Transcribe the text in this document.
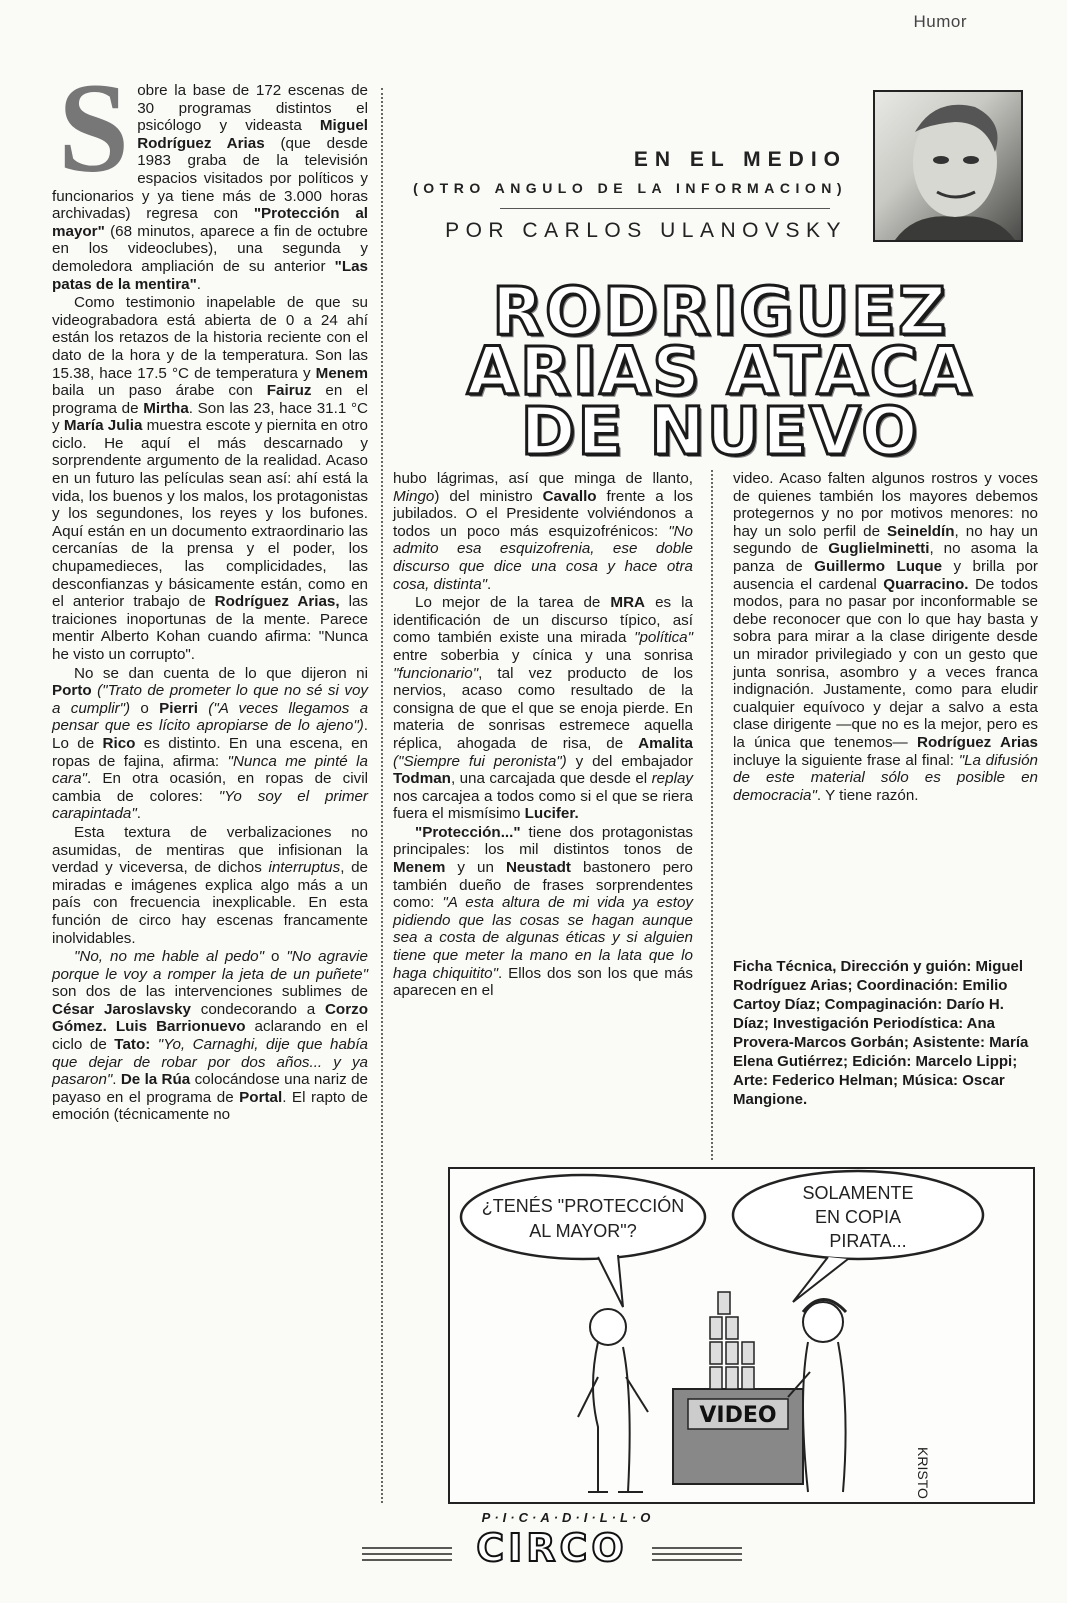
Humor
EN EL MEDIO
(OTRO ANGULO DE LA INFORMACION)
POR CARLOS ULANOVSKY
RODRIGUEZ
ARIAS ATACA
DE NUEVO
S obre la base de 172 escenas de 30 programas distintos el psicólogo y videasta Miguel Rodríguez Arias (que desde 1983 graba de la televisión espacios visitados por políticos y funcionarios y ya tiene más de 3.000 horas archivadas) regresa con "Protección al mayor" (68 minutos, aparece a fin de octubre en los videoclubes), una segunda y demoledora ampliación de su anterior "Las patas de la mentira".

Como testimonio inapelable de que su videograbadora está abierta de 0 a 24 ahí están los retazos de la historia reciente con el dato de la hora y de la temperatura. Son las 15.38, hace 17.5 °C de temperatura y Menem baila un paso árabe con Fairuz en el programa de Mirtha. Son las 23, hace 31.1 °C y María Julia muestra escote y piernita en otro ciclo. He aquí el más descarnado y sorprendente argumento de la realidad. Acaso en un futuro las películas sean así: ahí está la vida, los buenos y los malos, los protagonistas y los segundones, los reyes y los bufones. Aquí están en un documento extraordinario las cercanías de la prensa y el poder, los chupamedieces, las complicidades, las desconfianzas y básicamente están, como en el anterior trabajo de Rodríguez Arias, las traiciones inoportunas de la mente. Parece mentir Alberto Kohan cuando afirma: "Nunca he visto un corrupto".

No se dan cuenta de lo que dijeron ni Porto ("Trato de prometer lo que no sé si voy a cumplir") o Pierri ("A veces llegamos a pensar que es lícito apropiarse de lo ajeno"). Lo de Rico es distinto. En una escena, en ropas de fajina, afirma: "Nunca me pinté la cara". En otra ocasión, en ropas de civil cambia de colores: "Yo soy el primer carapintada".

Esta textura de verbalizaciones no asumidas, de mentiras que infisionan la verdad y viceversa, de dichos interruptus, de miradas e imágenes explica algo más a un país con frecuencia inexplicable. En esta función de circo hay escenas francamente inolvidables.

"No, no me hable al pedo" o "No agravie porque le voy a romper la jeta de un puñete" son dos de las intervenciones sublimes de César Jaroslavsky condecorando a Corzo Gómez. Luis Barrionuevo aclarando en el ciclo de Tato: "Yo, Carnaghi, dije que había que dejar de robar por dos años... y ya pasaron". De la Rúa colocándose una nariz de payaso en el programa de Portal. El rapto de emoción (técnicamente no

hubo lágrimas, así que minga de llanto, Mingo) del ministro Cavallo frente a los jubilados. O el Presidente volviéndonos a todos un poco más esquizofrénicos: "No admito esa esquizofrenia, ese doble discurso que dice una cosa y hace otra cosa, distinta".

Lo mejor de la tarea de MRA es la identificación de un discurso típico, así como también existe una mirada "política" entre soberbia y cínica y una sonrisa "funcionario", tal vez producto de los nervios, acaso como resultado de la consigna de que el que se enoja pierde. En materia de sonrisas estremece aquella réplica, ahogada de risa, de Amalita ("Siempre fui peronista") y del embajador Todman, una carcajada que desde el replay nos carcajea a todos como si el que se riera fuera el mismísimo Lucifer.

"Protección..." tiene dos protagonistas principales: los mil distintos tonos de Menem y un Neustadt bastonero pero también dueño de frases sorprendentes como: "A esta altura de mi vida ya estoy pidiendo que las cosas se hagan aunque sea a costa de algunas éticas y si alguien tiene que meter la mano en la lata que lo haga chiquitito". Ellos dos son los que más aparecen en el

video. Acaso falten algunos rostros y voces de quienes también los mayores debemos protegernos y no por motivos menores: no hay un solo perfil de Seineldín, no hay un segundo de Guglielminetti, no asoma la panza de Guillermo Luque y brilla por ausencia el cardenal Quarracino. De todos modos, para no pasar por inconformable se debe reconocer que con lo que hay basta y sobra para mirar a la clase dirigente desde un mirador privilegiado y con un gesto que junta sonrisa, asombro y a veces franca indignación. Justamente, como para eludir cualquier equívoco y dejar a salvo a esta clase dirigente —que no es la mejor, pero es la única que tenemos— Rodríguez Arias incluye la siguiente frase al final: "La difusión de este material sólo es posible en democracia". Y tiene razón.

Ficha Técnica, Dirección y guión: Miguel Rodríguez Arias; Coordinación: Emilio Cartoy Díaz; Compaginación: Darío H. Díaz; Investigación Periodística: Ana Provera-Marcos Gorbán; Asistente: María Elena Gutiérrez; Edición: Marcelo Lippi; Arte: Federico Helman; Música: Oscar Mangione.
¿TENÉS "PROTECCIÓN
AL MAYOR"?
SOLAMENTE
EN COPIA
PIRATA...
VIDEO
KRISTO
P·I·C·A·D·I·L·L·O
CIRCO
